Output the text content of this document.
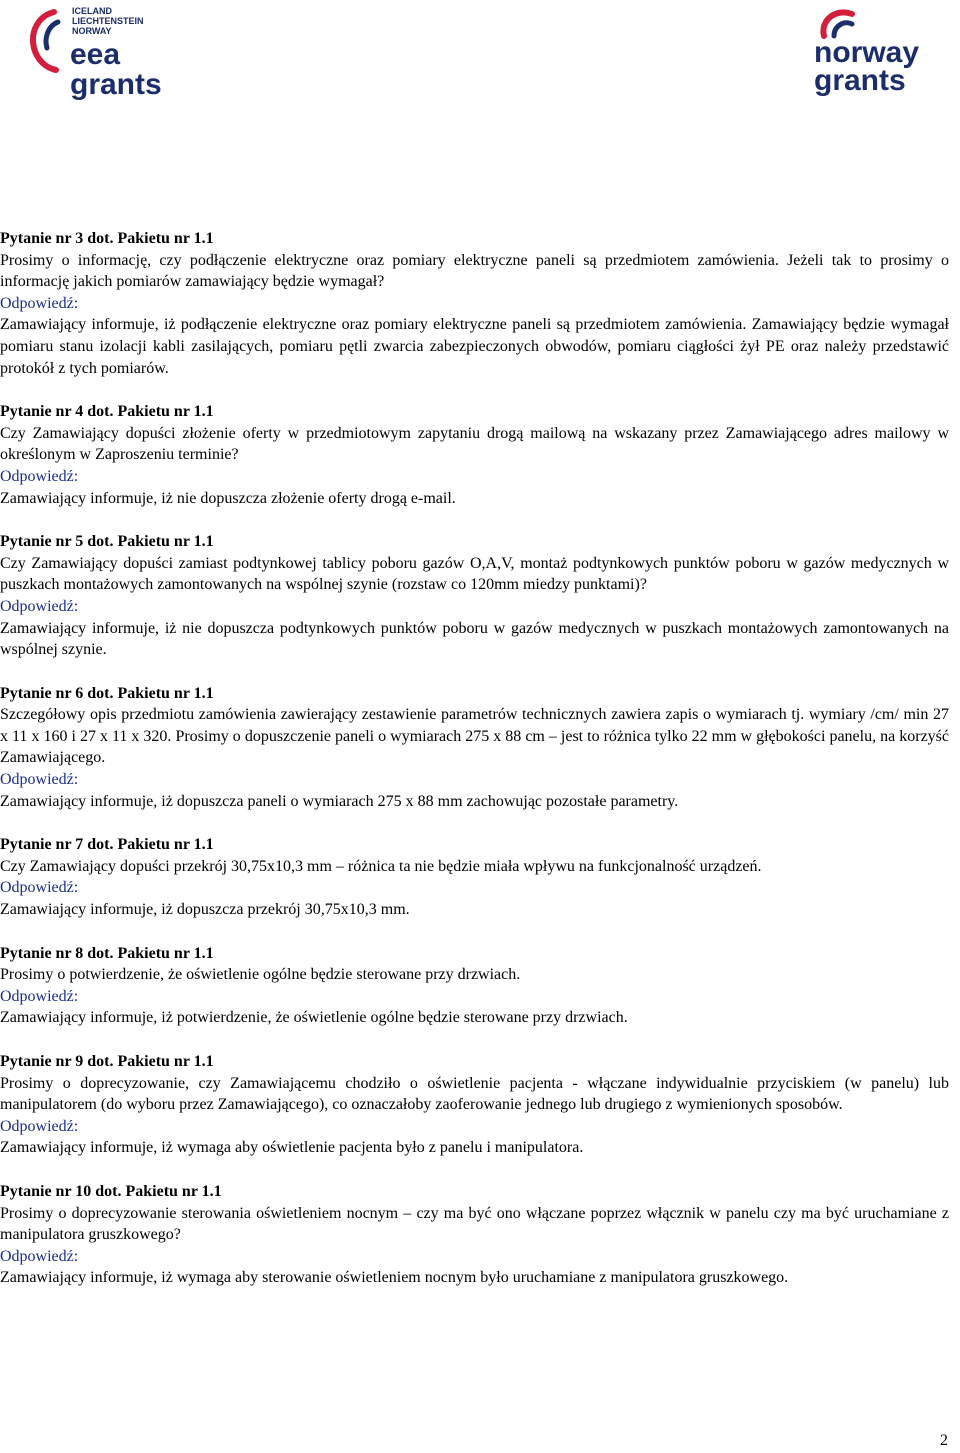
ICELAND
LIECHTENSTEIN
NORWAY
eea
grants
norway
grants

Pytanie nr 3 dot. Pakietu nr 1.1

Prosimy o informację, czy podłączenie elektryczne oraz pomiary elektryczne paneli są przedmiotem zamówienia. Jeżeli tak to prosimy o informację jakich pomiarów zamawiający będzie wymagał?

Odpowiedź:

Zamawiający informuje, iż podłączenie elektryczne oraz pomiary elektryczne paneli są przedmiotem zamówienia. Zamawiający będzie wymagał pomiaru stanu izolacji kabli zasilających, pomiaru pętli zwarcia zabezpieczonych obwodów, pomiaru ciągłości żył PE oraz należy przedstawić protokół z tych pomiarów.

Pytanie nr 4 dot. Pakietu nr 1.1

Czy Zamawiający dopuści złożenie oferty w przedmiotowym zapytaniu drogą mailową na wskazany przez Zamawiającego adres mailowy w określonym w Zaproszeniu terminie?

Odpowiedź:

Zamawiający informuje, iż nie dopuszcza złożenie oferty drogą e-mail.

Pytanie nr 5 dot. Pakietu nr 1.1

Czy Zamawiający dopuści zamiast podtynkowej tablicy poboru gazów O,A,V, montaż podtynkowych punktów poboru w gazów medycznych w puszkach montażowych zamontowanych na wspólnej szynie (rozstaw co 120mm miedzy punktami)?

Odpowiedź:

Zamawiający informuje, iż nie dopuszcza podtynkowych punktów poboru w gazów medycznych w puszkach montażowych zamontowanych na wspólnej szynie.

Pytanie nr 6 dot. Pakietu nr 1.1

Szczegółowy opis przedmiotu zamówienia zawierający zestawienie parametrów technicznych zawiera zapis o wymiarach tj. wymiary /cm/ min 27 x 11 x 160 i 27 x 11 x 320. Prosimy o dopuszczenie paneli o wymiarach 275 x 88 cm – jest to różnica tylko 22 mm w głębokości panelu, na korzyść Zamawiającego.

Odpowiedź:

Zamawiający informuje, iż dopuszcza paneli o wymiarach 275 x 88 mm zachowując pozostałe parametry.

Pytanie nr 7 dot. Pakietu nr 1.1

Czy Zamawiający dopuści przekrój 30,75x10,3 mm – różnica ta nie będzie miała wpływu na funkcjonalność urządzeń.

Odpowiedź:

Zamawiający informuje, iż dopuszcza przekrój 30,75x10,3 mm.

Pytanie nr 8 dot. Pakietu nr 1.1

Prosimy o potwierdzenie, że oświetlenie ogólne będzie sterowane przy drzwiach.

Odpowiedź:

Zamawiający informuje, iż potwierdzenie, że oświetlenie ogólne będzie sterowane przy drzwiach.

Pytanie nr 9 dot. Pakietu nr 1.1

Prosimy o doprecyzowanie, czy Zamawiającemu chodziło o oświetlenie pacjenta - włączane indywidualnie przyciskiem (w panelu) lub manipulatorem (do wyboru przez Zamawiającego), co oznaczałoby zaoferowanie jednego lub drugiego z wymienionych sposobów.

Odpowiedź:

Zamawiający informuje, iż wymaga aby oświetlenie pacjenta było z panelu i manipulatora.

Pytanie nr 10 dot. Pakietu nr 1.1

Prosimy o doprecyzowanie sterowania oświetleniem nocnym – czy ma być ono włączane poprzez włącznik w panelu czy ma być uruchamiane z manipulatora gruszkowego?

Odpowiedź:

Zamawiający informuje, iż wymaga aby sterowanie oświetleniem nocnym było uruchamiane z manipulatora gruszkowego.

2
